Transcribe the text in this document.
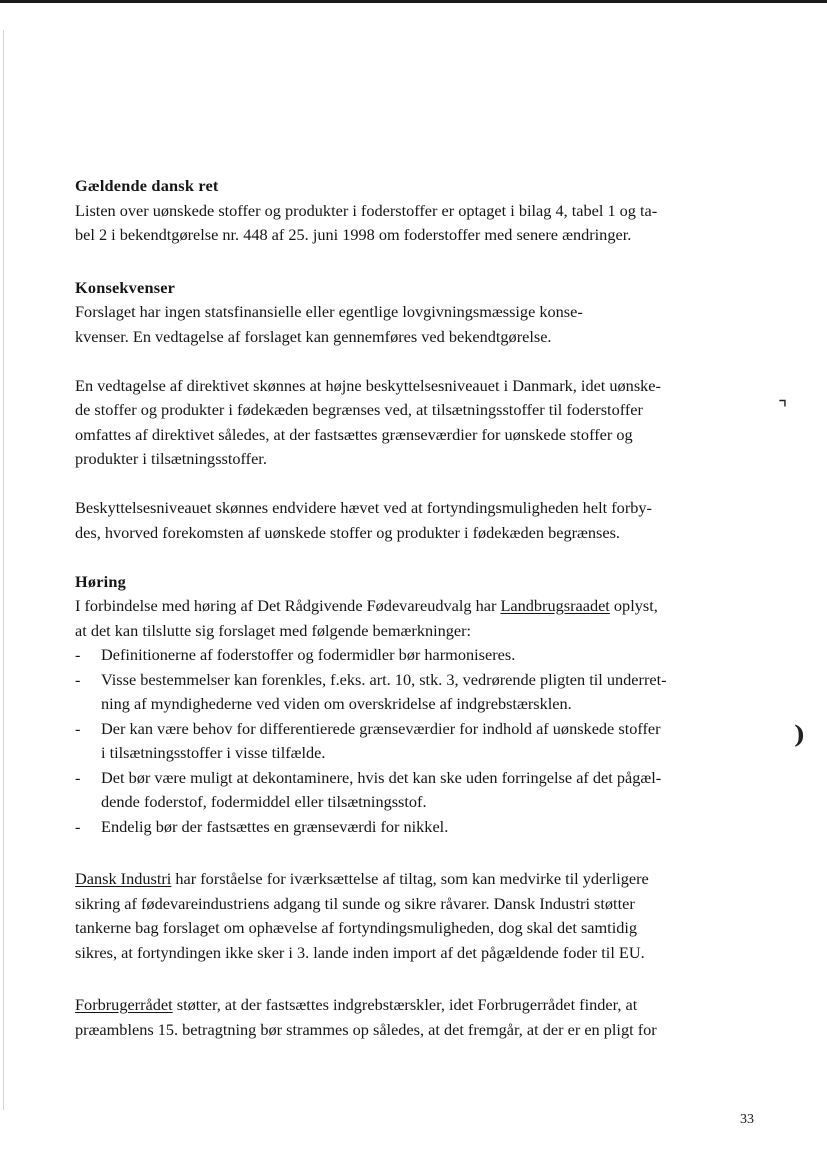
⌝
)

Gældende dansk ret

Listen over uønskede stoffer og produkter i foderstoffer er optaget i bilag 4, tabel 1 og ta-
bel 2 i bekendtgørelse nr. 448 af 25. juni 1998 om foderstoffer med senere ændringer.

Konsekvenser

Forslaget har ingen statsfinansielle eller egentlige lovgivningsmæssige konse-
kvenser. En vedtagelse af forslaget kan gennemføres ved bekendtgørelse.

En vedtagelse af direktivet skønnes at højne beskyttelsesniveauet i Danmark, idet uønske-
de stoffer og produkter i fødekæden begrænses ved, at tilsætningsstoffer til foderstoffer
omfattes af direktivet således, at der fastsættes grænseværdier for uønskede stoffer og
produkter i tilsætningsstoffer.

Beskyttelsesniveauet skønnes endvidere hævet ved at fortyndingsmuligheden helt forby-
des, hvorved forekomsten af uønskede stoffer og produkter i fødekæden begrænses.

Høring

I forbindelse med høring af Det Rådgivende Fødevareudvalg har Landbrugsraadet oplyst,
at det kan tilslutte sig forslaget med følgende bemærkninger:

- Definitionerne af foderstoffer og fodermidler bør harmoniseres.
- Visse bestemmelser kan forenkles, f.eks. art. 10, stk. 3, vedrørende pligten til underret-
ning af myndighederne ved viden om overskridelse af indgrebstærsklen.
- Der kan være behov for differentierede grænseværdier for indhold af uønskede stoffer
i tilsætningsstoffer i visse tilfælde.
- Det bør være muligt at dekontaminere, hvis det kan ske uden forringelse af det pågæl-
dende foderstof, fodermiddel eller tilsætningsstof.
- Endelig bør der fastsættes en grænseværdi for nikkel.

Dansk Industri har forståelse for iværksættelse af tiltag, som kan medvirke til yderligere
sikring af fødevareindustriens adgang til sunde og sikre råvarer. Dansk Industri støtter
tankerne bag forslaget om ophævelse af fortyndingsmuligheden, dog skal det samtidig
sikres, at fortyndingen ikke sker i 3. lande inden import af det pågældende foder til EU.

Forbrugerrådet støtter, at der fastsættes indgrebstærskler, idet Forbrugerrådet finder, at
præamblens 15. betragtning bør strammes op således, at det fremgår, at der er en pligt for

33
